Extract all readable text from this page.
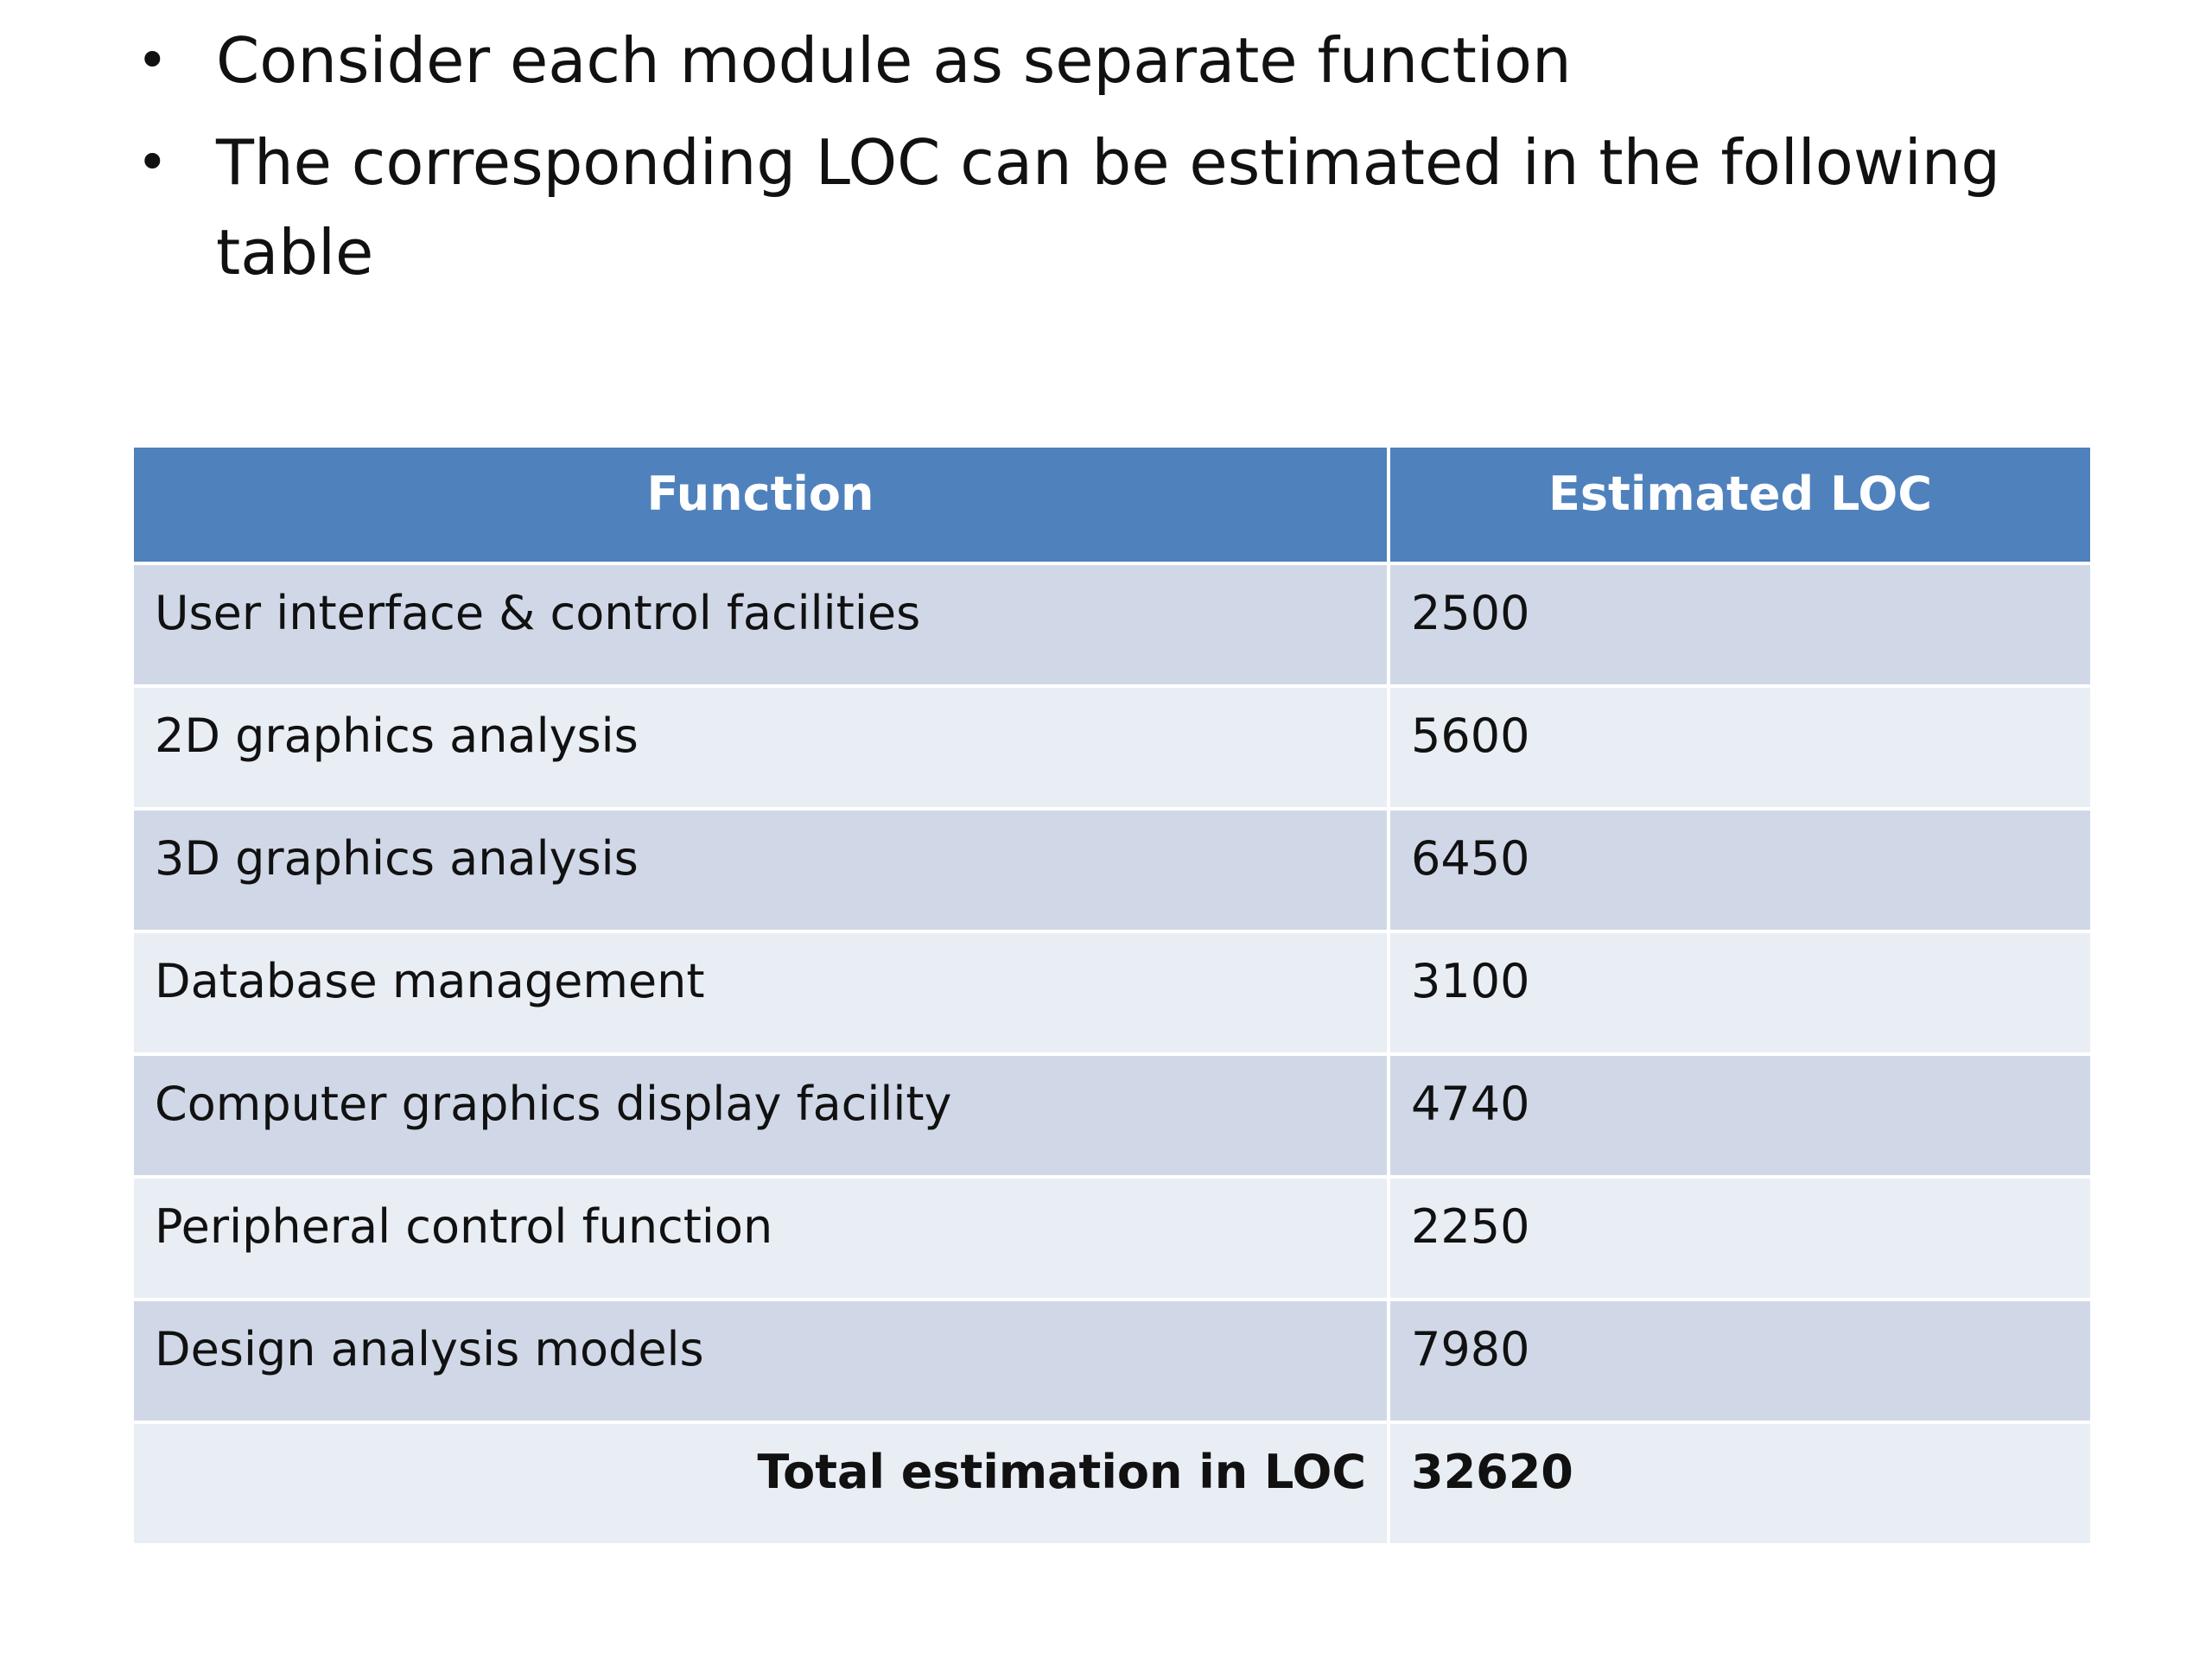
• Consider each module as separate function
• The corresponding LOC can be estimated in the following table
Function	Estimated LOC
User interface & control facilities	2500
2D graphics analysis	5600
3D graphics analysis	6450
Database management	3100
Computer graphics display facility	4740
Peripheral control function	2250
Design analysis models	7980
Total estimation in LOC	32620
